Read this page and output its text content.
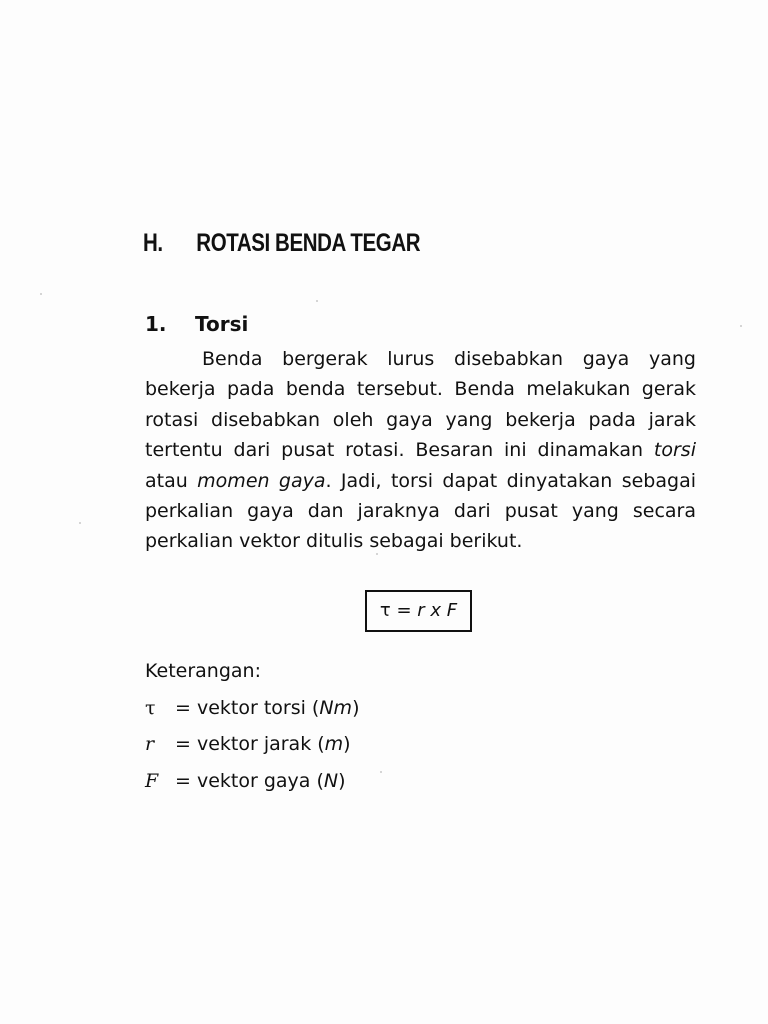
H. ROTASI BENDA TEGAR
1. Torsi
Benda bergerak lurus disebabkan gaya yang bekerja pada benda tersebut. Benda melakukan gerak rotasi disebabkan oleh gaya yang bekerja pada jarak tertentu dari pusat rotasi. Besaran ini dinamakan torsi atau momen gaya. Jadi, torsi dapat dinyatakan sebagai perkalian gaya dan jaraknya dari pusat yang secara perkalian vektor ditulis sebagai berikut.
τ = r x F
Keterangan:
τ = vektor torsi (Nm)
r = vektor jarak (m)
F = vektor gaya (N)
